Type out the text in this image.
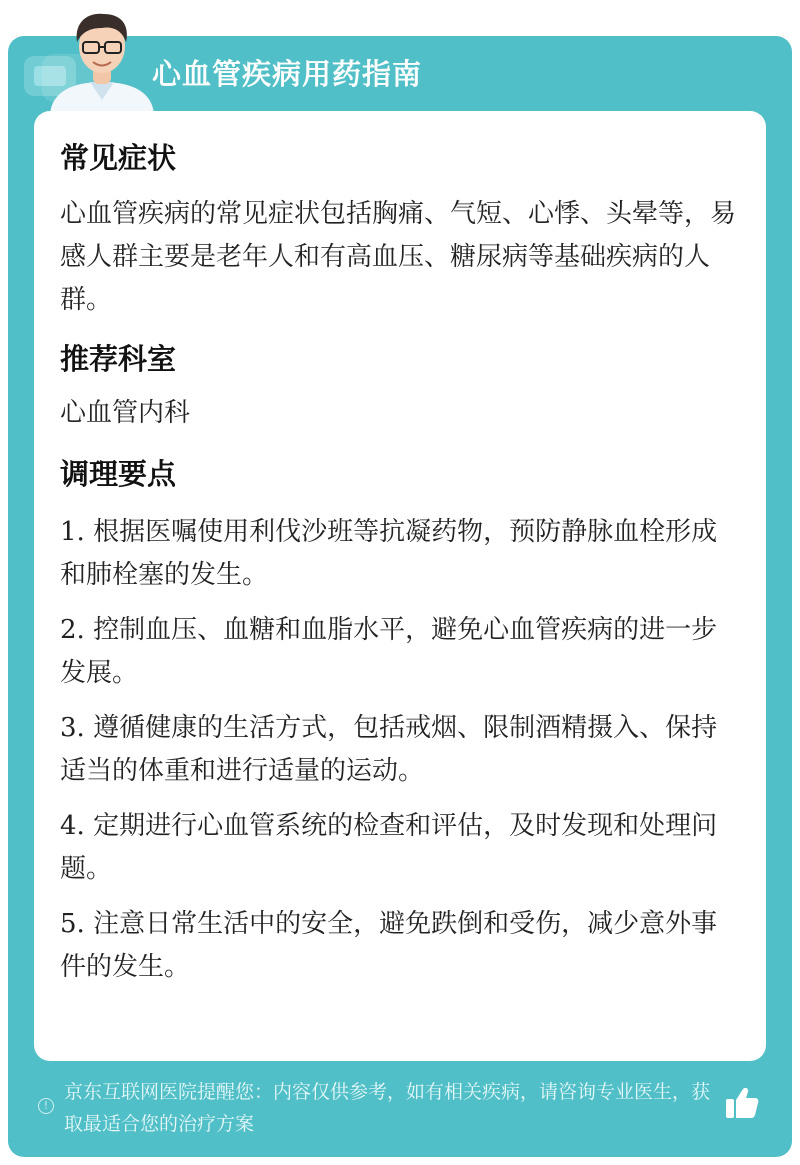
心血管疾病用药指南
常见症状

心血管疾病的常见症状包括胸痛、气短、心悸、头晕等，易感人群主要是老年人和有高血压、糖尿病等基础疾病的人群。

推荐科室

心血管内科

调理要点

1. 根据医嘱使用利伐沙班等抗凝药物，预防静脉血栓形成和肺栓塞的发生。

2. 控制血压、血糖和血脂水平，避免心血管疾病的进一步发展。

3. 遵循健康的生活方式，包括戒烟、限制酒精摄入、保持适当的体重和进行适量的运动。

4. 定期进行心血管系统的检查和评估，及时发现和处理问题。

5. 注意日常生活中的安全，避免跌倒和受伤，减少意外事件的发生。

!
京东互联网医院提醒您：内容仅供参考，如有相关疾病，请咨询专业医生，获取最适合您的治疗方案
